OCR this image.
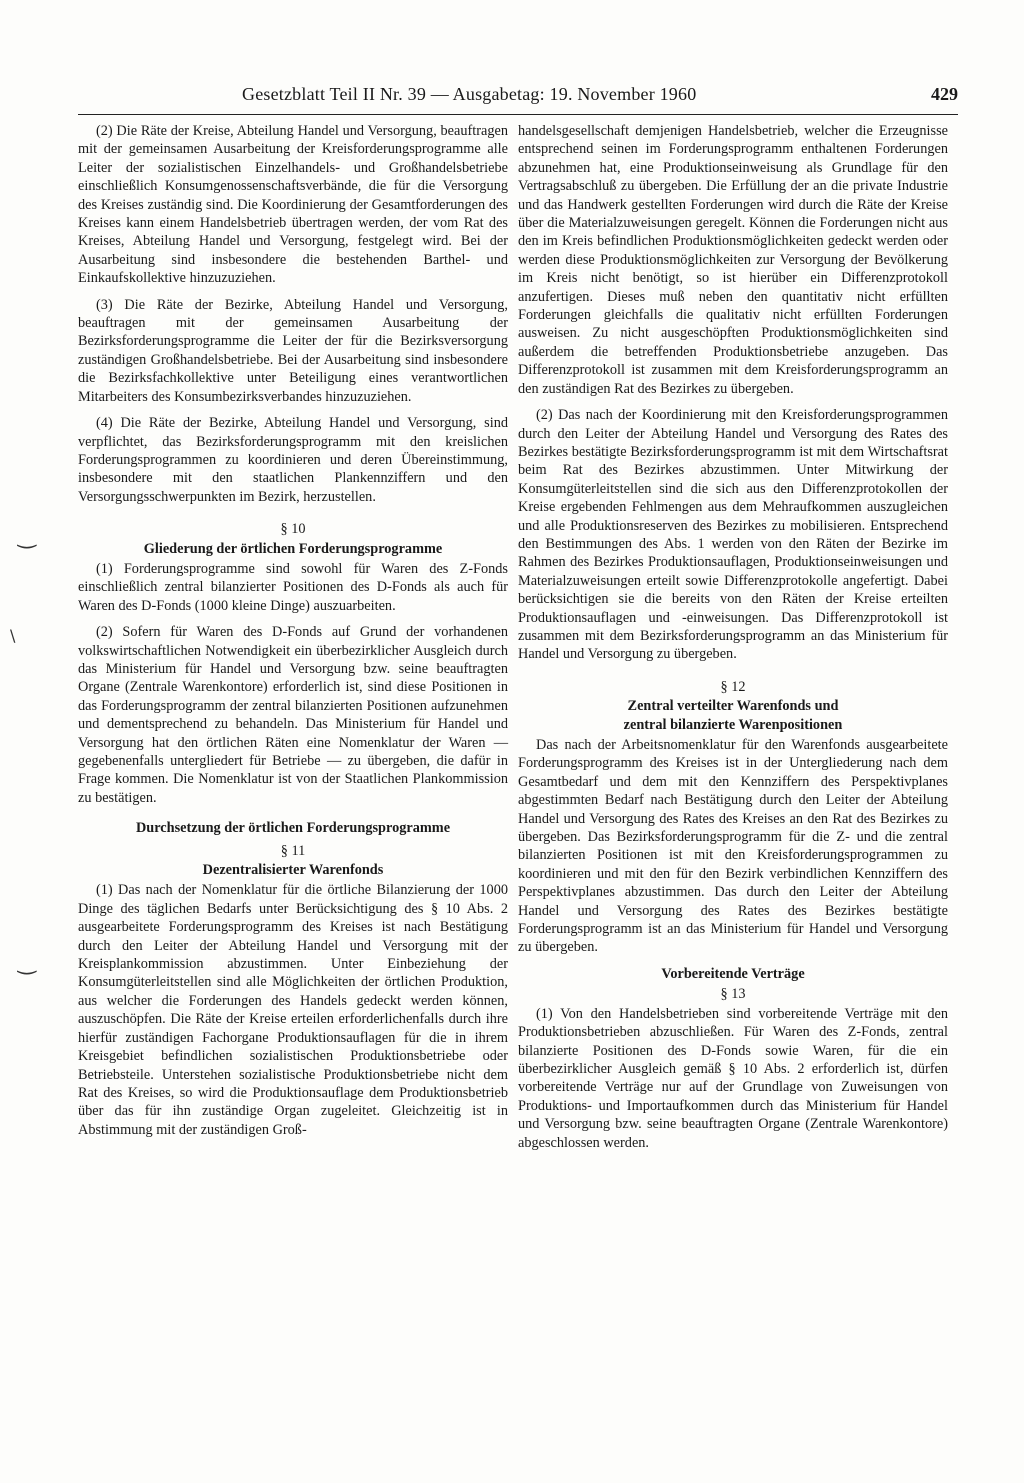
Gesetzblatt Teil II Nr. 39 — Ausgabetag: 19. November 1960	429
‿
\
‿

(2) Die Räte der Kreise, Abteilung Handel und Versorgung, beauftragen mit der gemeinsamen Ausarbeitung der Kreisforderungsprogramme alle Leiter der sozialistischen Einzelhandels- und Großhandelsbetriebe einschließlich Konsumgenossenschaftsverbände, die für die Versorgung des Kreises zuständig sind. Die Koordinierung der Gesamtforderungen des Kreises kann einem Handelsbetrieb übertragen werden, der vom Rat des Kreises, Abteilung Handel und Versorgung, festgelegt wird. Bei der Ausarbeitung sind insbesondere die bestehenden Barthel- und Einkaufskollektive hinzuzuziehen.

(3) Die Räte der Bezirke, Abteilung Handel und Versorgung, beauftragen mit der gemeinsamen Ausarbeitung der Bezirksforderungsprogramme die Leiter der für die Bezirksversorgung zuständigen Großhandelsbetriebe. Bei der Ausarbeitung sind insbesondere die Bezirksfachkollektive unter Beteiligung eines verantwortlichen Mitarbeiters des Konsumbezirksverbandes hinzuzuziehen.

(4) Die Räte der Bezirke, Abteilung Handel und Versorgung, sind verpflichtet, das Bezirksforderungsprogramm mit den kreislichen Forderungsprogrammen zu koordinieren und deren Übereinstimmung, insbesondere mit den staatlichen Plankennziffern und den Versorgungsschwerpunkten im Bezirk, herzustellen.

§ 10
Gliederung der örtlichen Forderungsprogramme

(1) Forderungsprogramme sind sowohl für Waren des Z-Fonds einschließlich zentral bilanzierter Positionen des D-Fonds als auch für Waren des D-Fonds (1000 kleine Dinge) auszuarbeiten.

(2) Sofern für Waren des D-Fonds auf Grund der vorhandenen volkswirtschaftlichen Notwendigkeit ein überbezirklicher Ausgleich durch das Ministerium für Handel und Versorgung bzw. seine beauftragten Organe (Zentrale Warenkontore) erforderlich ist, sind diese Positionen in das Forderungsprogramm der zentral bilanzierten Positionen aufzunehmen und dementsprechend zu behandeln. Das Ministerium für Handel und Versorgung hat den örtlichen Räten eine Nomenklatur der Waren — gegebenenfalls untergliedert für Betriebe — zu übergeben, die dafür in Frage kommen. Die Nomenklatur ist von der Staatlichen Plankommission zu bestätigen.

Durchsetzung der örtlichen Forderungsprogramme
§ 11
Dezentralisierter Warenfonds

(1) Das nach der Nomenklatur für die örtliche Bilanzierung der 1000 Dinge des täglichen Bedarfs unter Berücksichtigung des § 10 Abs. 2 ausgearbeitete Forderungsprogramm des Kreises ist nach Bestätigung durch den Leiter der Abteilung Handel und Versorgung mit der Kreisplankommission abzustimmen. Unter Einbeziehung der Konsumgüterleitstellen sind alle Möglichkeiten der örtlichen Produktion, aus welcher die Forderungen des Handels gedeckt werden können, auszuschöpfen. Die Räte der Kreise erteilen erforderlichenfalls durch ihre hierfür zuständigen Fachorgane Produktionsauflagen für die in ihrem Kreisgebiet befindlichen sozialistischen Produktionsbetriebe oder Betriebsteile. Unterstehen sozialistische Produktionsbetriebe nicht dem Rat des Kreises, so wird die Produktionsauflage dem Produktionsbetrieb über das für ihn zuständige Organ zugeleitet. Gleichzeitig ist in Abstimmung mit der zuständigen Groß-

handelsgesellschaft demjenigen Handelsbetrieb, welcher die Erzeugnisse entsprechend seinen im Forderungsprogramm enthaltenen Forderungen abzunehmen hat, eine Produktionseinweisung als Grundlage für den Vertragsabschluß zu übergeben. Die Erfüllung der an die private Industrie und das Handwerk gestellten Forderungen wird durch die Räte der Kreise über die Materialzuweisungen geregelt. Können die Forderungen nicht aus den im Kreis befindlichen Produktionsmöglichkeiten gedeckt werden oder werden diese Produktionsmöglichkeiten zur Versorgung der Bevölkerung im Kreis nicht benötigt, so ist hierüber ein Differenzprotokoll anzufertigen. Dieses muß neben den quantitativ nicht erfüllten Forderungen gleichfalls die qualitativ nicht erfüllten Forderungen ausweisen. Zu nicht ausgeschöpften Produktionsmöglichkeiten sind außerdem die betreffenden Produktionsbetriebe anzugeben. Das Differenzprotokoll ist zusammen mit dem Kreisforderungsprogramm an den zuständigen Rat des Bezirkes zu übergeben.

(2) Das nach der Koordinierung mit den Kreisforderungsprogrammen durch den Leiter der Abteilung Handel und Versorgung des Rates des Bezirkes bestätigte Bezirksforderungsprogramm ist mit dem Wirtschaftsrat beim Rat des Bezirkes abzustimmen. Unter Mitwirkung der Konsumgüterleitstellen sind die sich aus den Differenzprotokollen der Kreise ergebenden Fehlmengen aus dem Mehraufkommen auszugleichen und alle Produktionsreserven des Bezirkes zu mobilisieren. Entsprechend den Bestimmungen des Abs. 1 werden von den Räten der Bezirke im Rahmen des Bezirkes Produktionsauflagen, Produktionseinweisungen und Materialzuweisungen erteilt sowie Differenzprotokolle angefertigt. Dabei berücksichtigen sie die bereits von den Räten der Kreise erteilten Produktionsauflagen und -einweisungen. Das Differenzprotokoll ist zusammen mit dem Bezirksforderungsprogramm an das Ministerium für Handel und Versorgung zu übergeben.

§ 12
Zentral verteilter Warenfonds und
zentral bilanzierte Warenpositionen

Das nach der Arbeitsnomenklatur für den Warenfonds ausgearbeitete Forderungsprogramm des Kreises ist in der Untergliederung nach dem Gesamtbedarf und dem mit den Kennziffern des Perspektivplanes abgestimmten Bedarf nach Bestätigung durch den Leiter der Abteilung Handel und Versorgung des Rates des Kreises an den Rat des Bezirkes zu übergeben. Das Bezirksforderungsprogramm für die Z- und die zentral bilanzierten Positionen ist mit den Kreisforderungsprogrammen zu koordinieren und mit den für den Bezirk verbindlichen Kennziffern des Perspektivplanes abzustimmen. Das durch den Leiter der Abteilung Handel und Versorgung des Rates des Bezirkes bestätigte Forderungsprogramm ist an das Ministerium für Handel und Versorgung zu übergeben.

Vorbereitende Verträge
§ 13

(1) Von den Handelsbetrieben sind vorbereitende Verträge mit den Produktionsbetrieben abzuschließen. Für Waren des Z-Fonds, zentral bilanzierte Positionen des D-Fonds sowie Waren, für die ein überbezirklicher Ausgleich gemäß § 10 Abs. 2 erforderlich ist, dürfen vorbereitende Verträge nur auf der Grundlage von Zuweisungen von Produktions- und Importaufkommen durch das Ministerium für Handel und Versorgung bzw. seine beauftragten Organe (Zentrale Warenkontore) abgeschlossen werden.
